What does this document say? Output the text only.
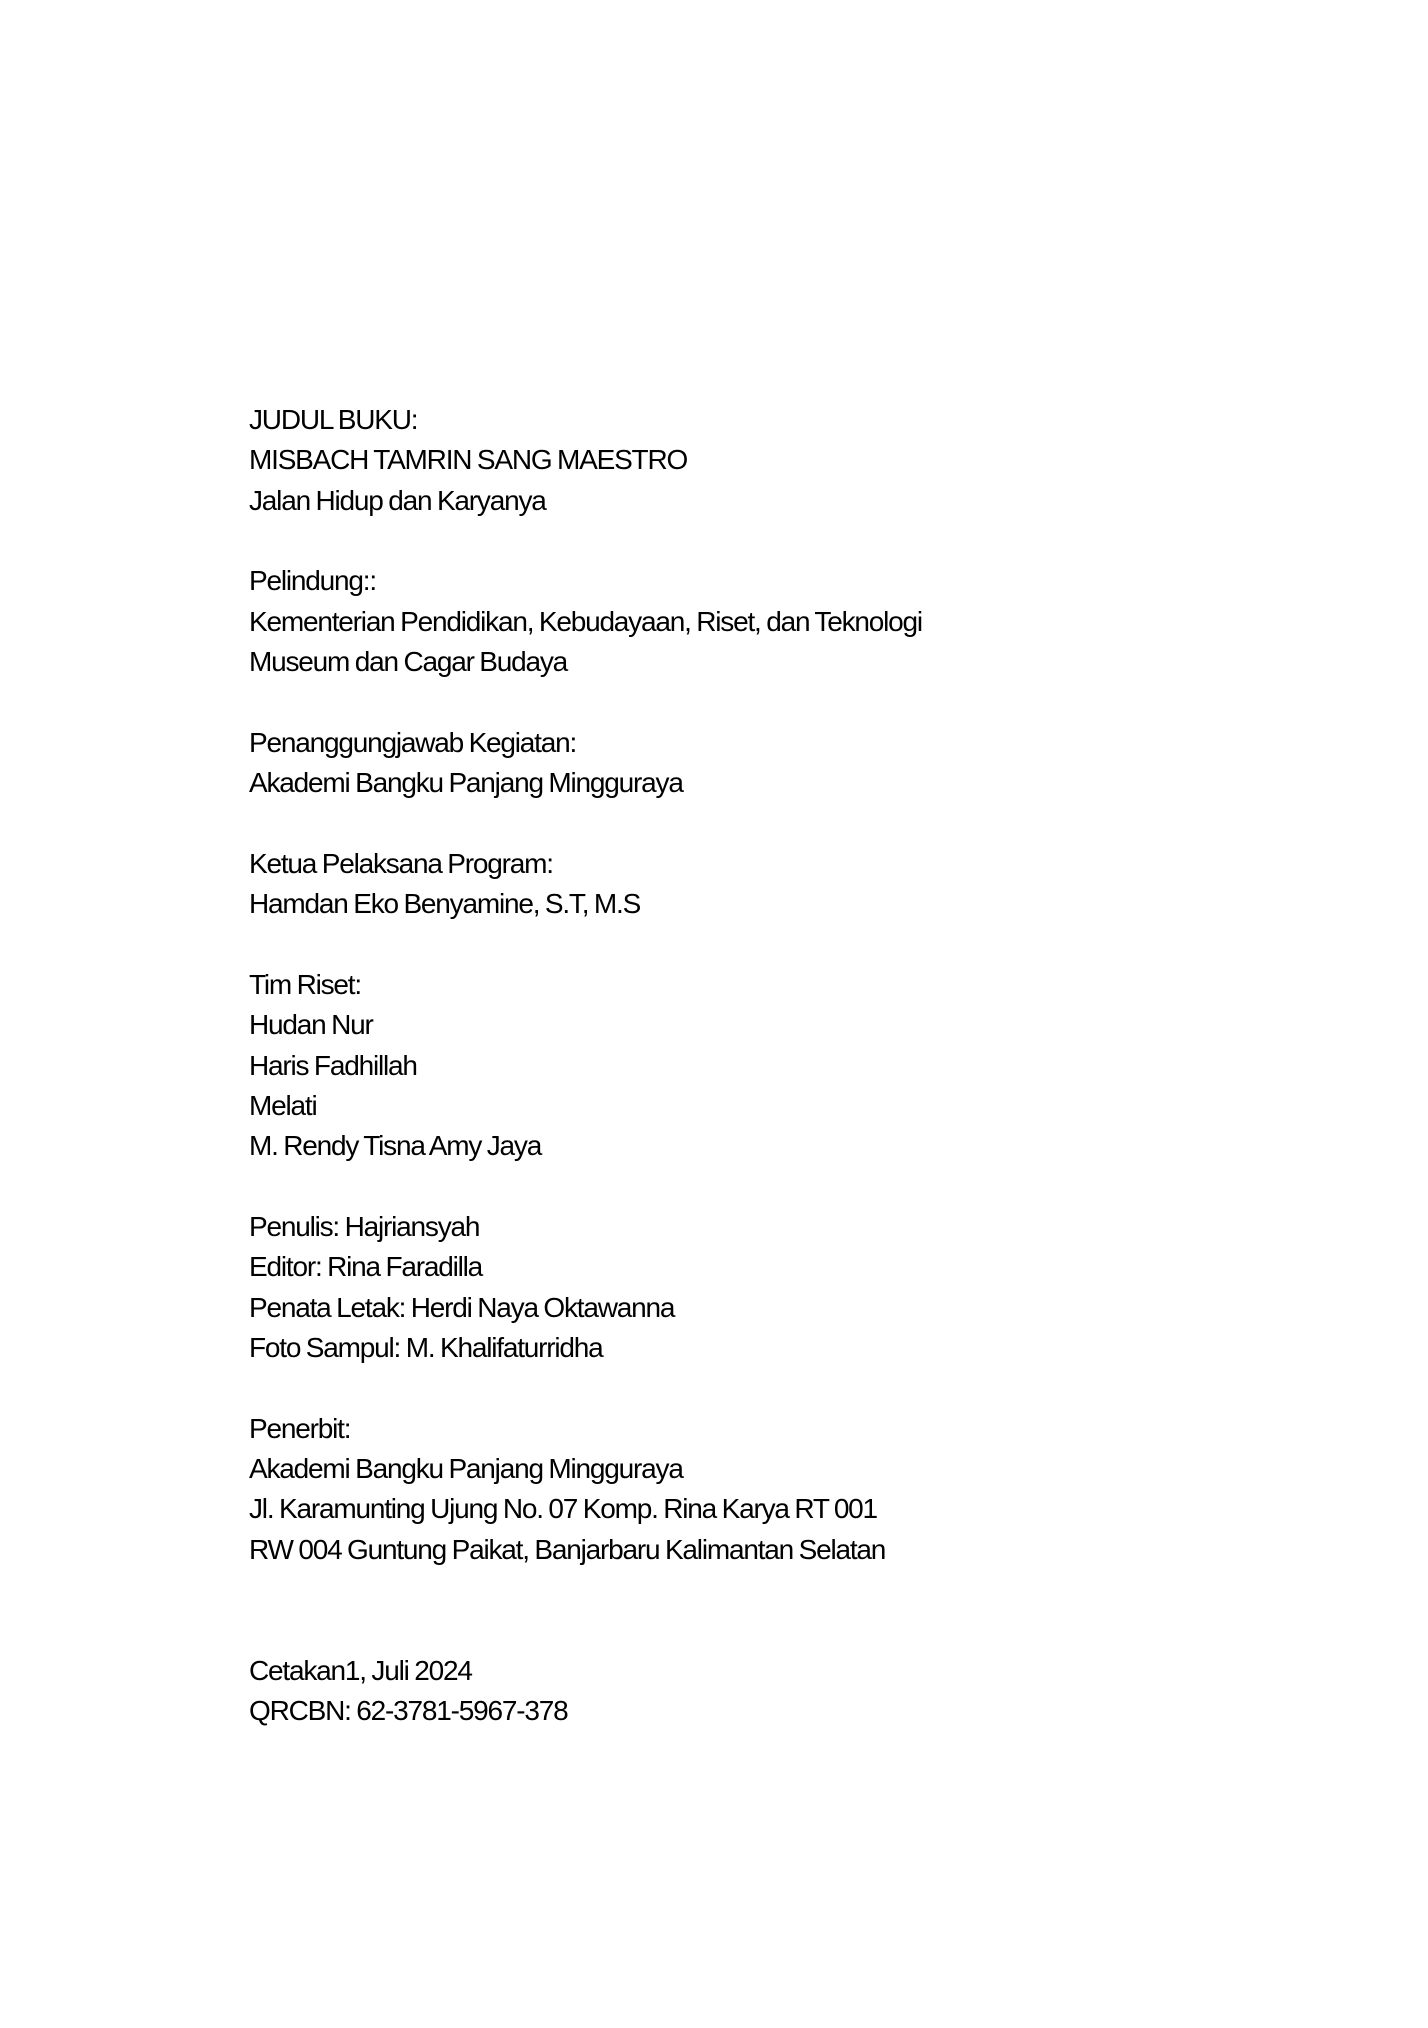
JUDUL BUKU:
MISBACH TAMRIN SANG MAESTRO
Jalan Hidup dan Karyanya
Pelindung::
Kementerian Pendidikan, Kebudayaan, Riset, dan Teknologi
Museum dan Cagar Budaya
Penanggungjawab Kegiatan:
Akademi Bangku Panjang Mingguraya
Ketua Pelaksana Program:
Hamdan Eko Benyamine, S.T, M.S
Tim Riset:
Hudan Nur
Haris Fadhillah
Melati
M. Rendy Tisna Amy Jaya
Penulis: Hajriansyah
Editor: Rina Faradilla
Penata Letak: Herdi Naya Oktawanna
Foto Sampul: M. Khalifaturridha
Penerbit:
Akademi Bangku Panjang Mingguraya
Jl. Karamunting Ujung No. 07 Komp. Rina Karya RT 001
RW 004 Guntung Paikat, Banjarbaru Kalimantan Selatan
Cetakan1, Juli 2024
QRCBN: 62-3781-5967-378
